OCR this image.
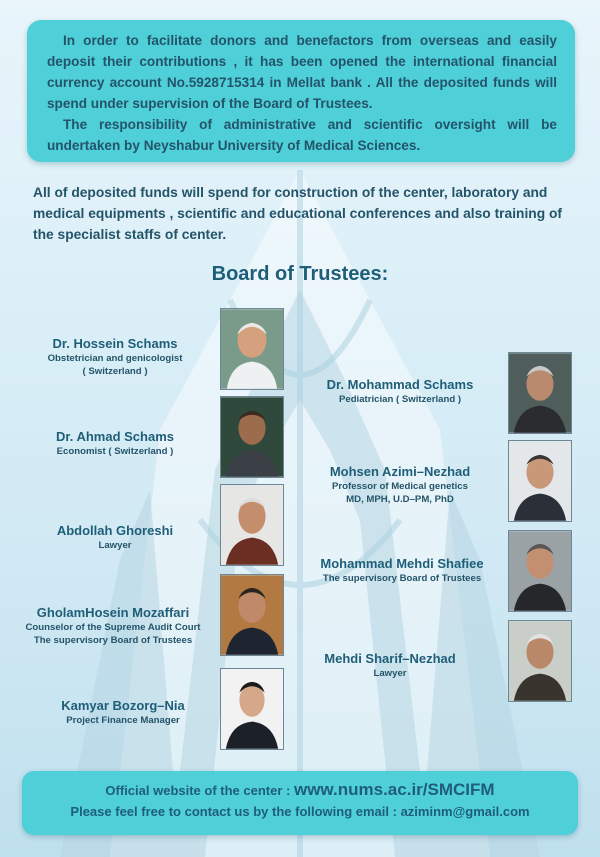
In order to facilitate donors and benefactors from overseas and easily deposit their contributions , it has been opened the international financial currency account No.5928715314 in Mellat bank . All the deposited funds will spend under supervision of the Board of Trustees.

The responsibility of administrative and scientific oversight will be undertaken by Neyshabur University of Medical Sciences.

All of deposited funds will spend for construction of the center, laboratory and medical equipments , scientific and educational conferences and also training of the specialist staffs of center.

Board of Trustees:
Dr. Hossein Schams
Obstetrician and genicologist
( Switzerland )
Dr. Ahmad Schams
Economist ( Switzerland )
Abdollah Ghoreshi
Lawyer
GholamHosein Mozaffari
Counselor of the Supreme Audit Court
The supervisory Board of Trustees
Kamyar Bozorg–Nia
Project Finance Manager
Dr. Mohammad Schams
Pediatrician ( Switzerland )
Mohsen Azimi–Nezhad
Professor of Medical genetics
MD, MPH, U.D–PM, PhD
Mohammad Mehdi Shafiee
The supervisory Board of Trustees
Mehdi Sharif–Nezhad
Lawyer
Official website of the center : www.nums.ac.ir/SMCIFM
Please feel free to contact us by the following email : aziminm@gmail.com
